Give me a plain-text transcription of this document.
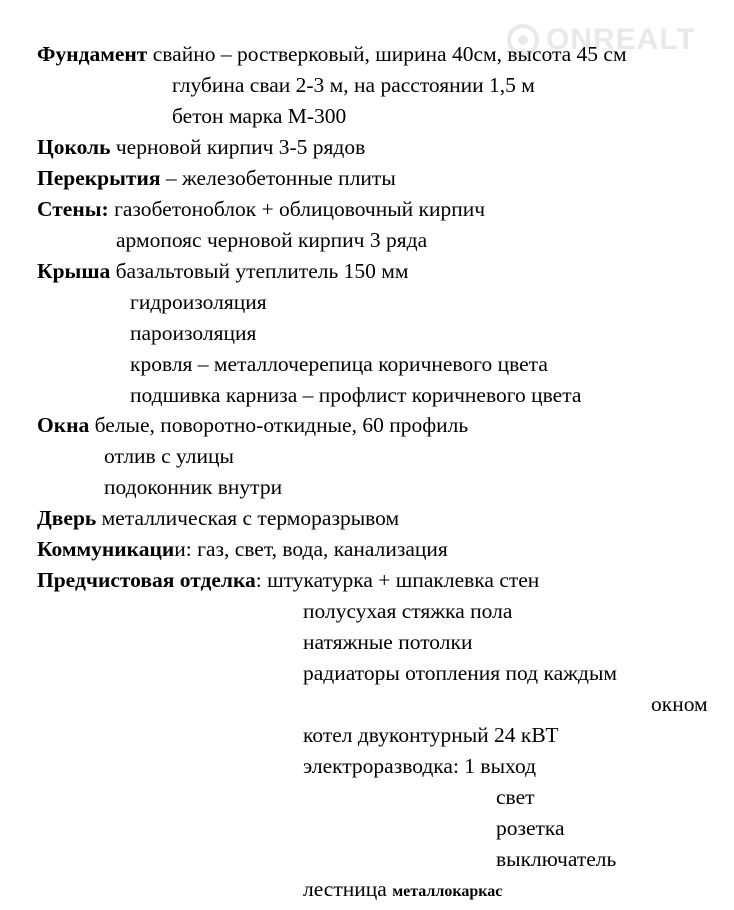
ONREALT
Фундамент свайно – ростверковый, ширина 40см, высота 45 см
глубина сваи 2-3 м, на расстоянии 1,5 м
бетон марка М-300
Цоколь черновой кирпич 3-5 рядов
Перекрытия – железобетонные плиты
Стены: газобетоноблок + облицовочный кирпич
армопояс черновой кирпич 3 ряда
Крыша базальтовый утеплитель 150 мм
гидроизоляция
пароизоляция
кровля – металлочерепица коричневого цвета
подшивка карниза – профлист коричневого цвета
Окна белые, поворотно-откидные, 60 профиль
отлив с улицы
подоконник внутри
Дверь металлическая с терморазрывом
Коммуникации: газ, свет, вода, канализация
Предчистовая отделка: штукатурка + шпаклевка стен
полусухая стяжка пола
натяжные потолки
радиаторы отопления под каждым
окном
котел двуконтурный 24 кВТ
электроразводка: 1 выход
свет
розетка
выключатель
лестница металлокаркас
